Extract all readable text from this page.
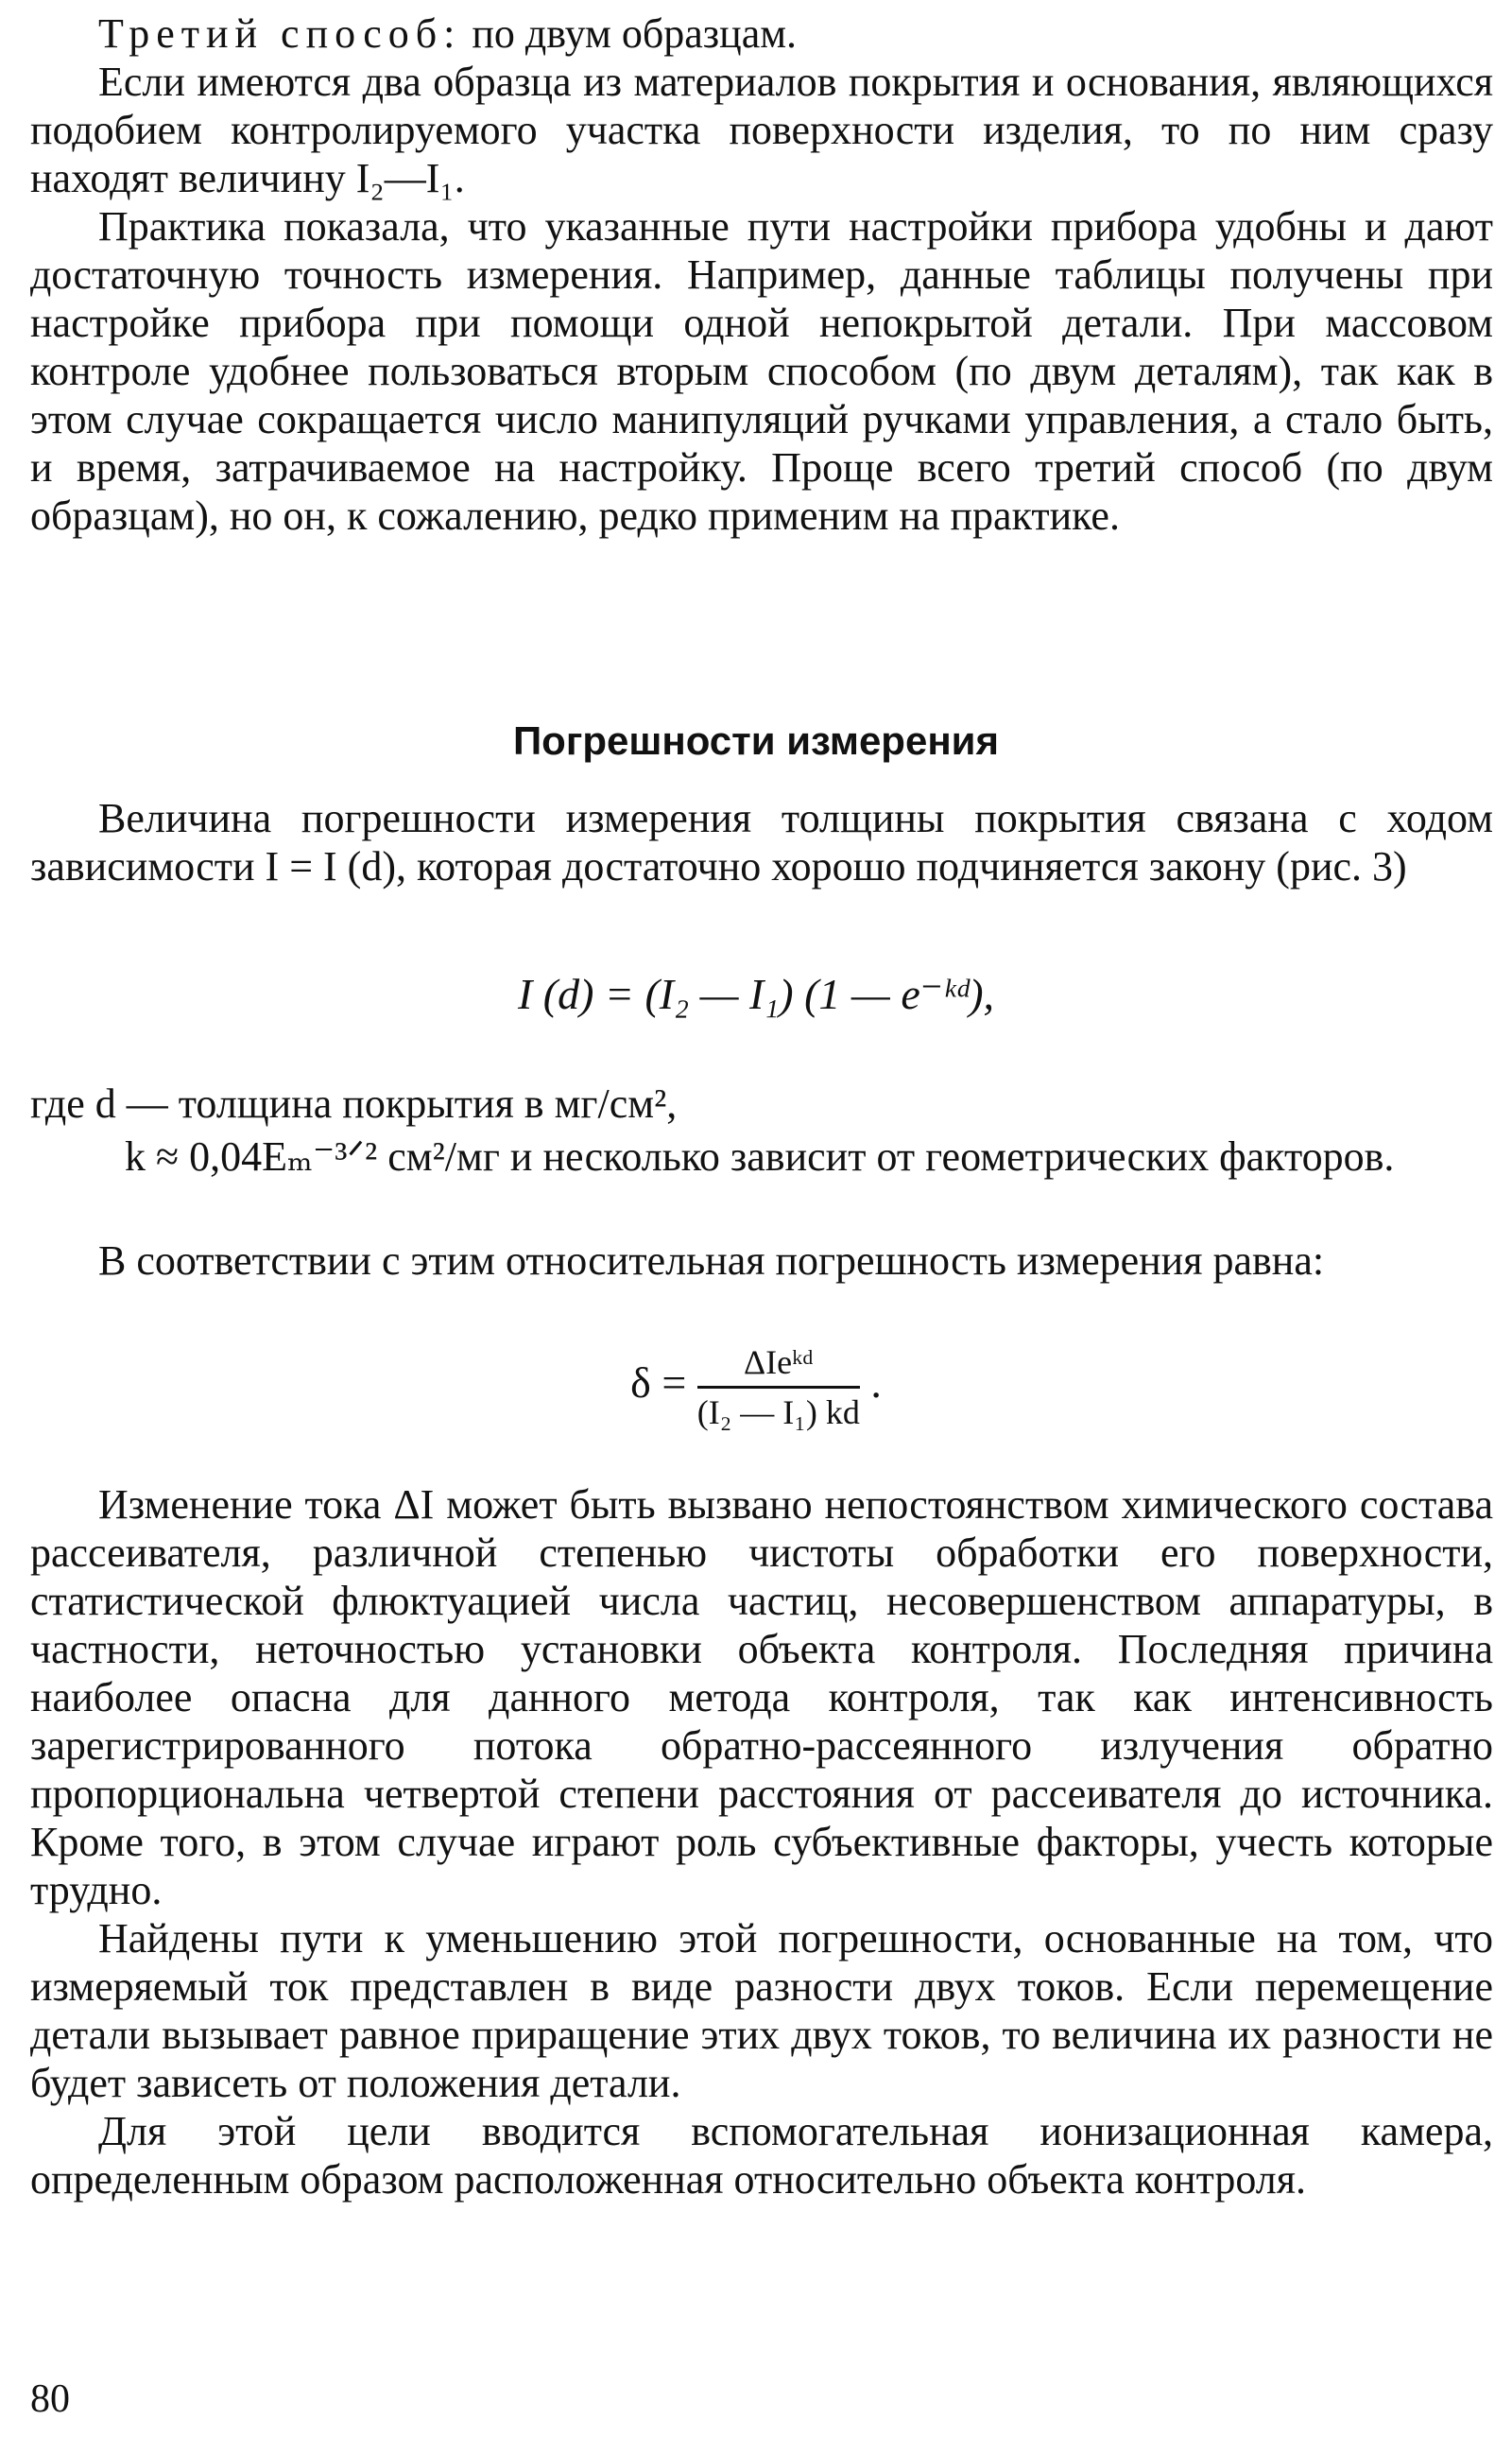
Третий способ: по двум образцам.

Если имеются два образца из материалов покрытия и основания, являющихся подобием контролируемого участка поверхности изделия, то по ним сразу находят величину I₂—I₁.

Практика показала, что указанные пути настройки прибора удобны и дают достаточную точность измерения. Например, данные таблицы получены при настройке прибора при помощи одной непокрытой детали. При массовом контроле удобнее пользоваться вторым способом (по двум деталям), так как в этом случае сокращается число манипуляций ручками управления, а стало быть, и время, затрачиваемое на настройку. Проще всего третий способ (по двум образцам), но он, к сожалению, редко применим на практике.

Погрешности измерения

Величина погрешности измерения толщины покрытия связана с ходом зависимости I = I (d), которая достаточно хорошо подчиняется закону (рис. 3)

I (d) = (I₂ — I₁) (1 — e⁻ᵏᵈ),
где d — толщина покрытия в мг/см²,
k ≈ 0,04Eₘ⁻³ᐟ² см²/мг и несколько зависит от геометрических факторов.

В соответствии с этим относительная погрешность измерения равна:

$\delta = \frac{\text{ΔIeᵏᵈ}}{\text{(I₂ — I₁) kd}}$ .

Изменение тока ΔI может быть вызвано непостоянством химического состава рассеивателя, различной степенью чистоты обработки его поверхности, статистической флюктуацией числа частиц, несовершенством аппаратуры, в частности, неточностью установки объекта контроля. Последняя причина наиболее опасна для данного метода контроля, так как интенсивность зарегистрированного потока обратно-рассеянного излучения обратно пропорциональна четвертой степени расстояния от рассеивателя до источника. Кроме того, в этом случае играют роль субъективные факторы, учесть которые трудно.

Найдены пути к уменьшению этой погрешности, основанные на том, что измеряемый ток представлен в виде разности двух токов. Если перемещение детали вызывает равное приращение этих двух токов, то величина их разности не будет зависеть от положения детали.

Для этой цели вводится вспомогательная ионизационная камера, определенным образом расположенная относительно объекта контроля.

80
